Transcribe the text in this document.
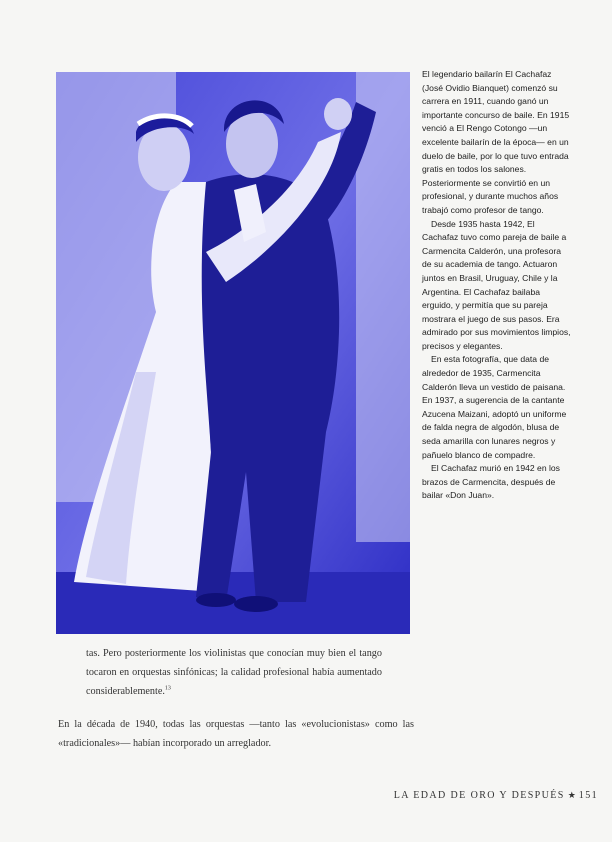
El legendario bailarín El Cachafaz (José Ovidio Bianquet) comenzó su carrera en 1911, cuando ganó un importante concurso de baile. En 1915 venció a El Rengo Cotongo —un excelente bailarín de la época— en un duelo de baile, por lo que tuvo entrada gratis en todos los salones. Posteriormente se convirtió en un profesional, y durante muchos años trabajó como profesor de tango.

Desde 1935 hasta 1942, El Cachafaz tuvo como pareja de baile a Carmencita Calderón, una profesora de su academia de tango. Actuaron juntos en Brasil, Uruguay, Chile y la Argentina. El Cachafaz bailaba erguido, y permitía que su pareja mostrara el juego de sus pasos. Era admirado por sus movimientos limpios, precisos y elegantes.

En esta fotografía, que data de alrededor de 1935, Carmencita Calderón lleva un vestido de paisana. En 1937, a sugerencia de la cantante Azucena Maizani, adoptó un uniforme de falda negra de algodón, blusa de seda amarilla con lunares negros y pañuelo blanco de compadre.

El Cachafaz murió en 1942 en los brazos de Carmencita, después de bailar «Don Juan».

tas. Pero posteriormente los violinistas que conocían muy bien el tango tocaron en orquestas sinfónicas; la calidad profesional había aumentado considerablemente.$^{13}$
En la década de 1940, todas las orquestas —tanto las «evolucionistas» como las «tradicionales»— habían incorporado un arreglador.
LA EDAD DE ORO Y DESPUÉS ★ 151
